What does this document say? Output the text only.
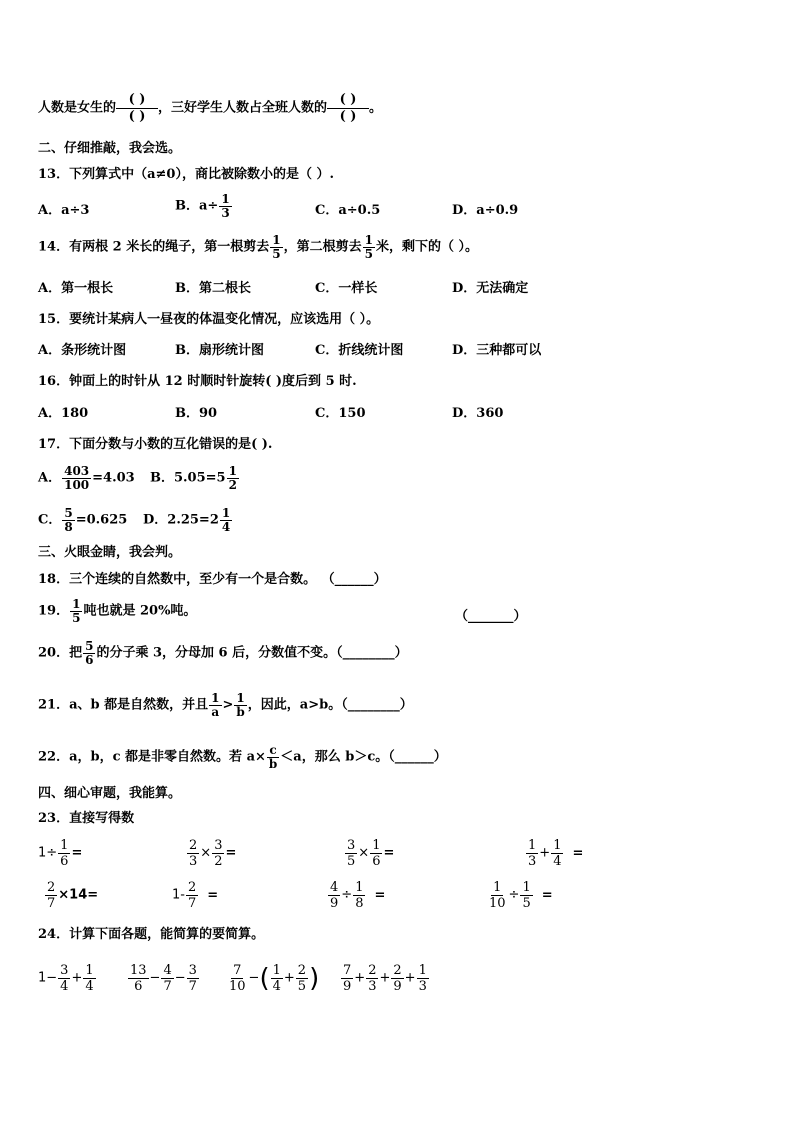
人数是女生的 $\frac{( )}{( )}$ ，三好学生人数占全班人数的 $\frac{( )}{( )}$ 。
二、仔细推敲，我会选。
13．下列算式中（a≠0），商比被除数小的是（ ）.
A．a÷3	B．$a\div \frac{1}{3}$	C．a÷0.5	D．a÷0.9
14．有两根 2 米长的绳子，第一根剪去 $\frac{1}{5}$ ，第二根剪去 $\frac{1}{5}$ 米，剩下的（ ）。
A．第一根长	B．第二根长	C．一样长	D．无法确定
15．要统计某病人一昼夜的体温变化情况，应该选用（ ）。
A．条形统计图	B．扇形统计图	C．折线统计图	D．三种都可以
16．钟面上的时针从 12 时顺时针旋转( )度后到 5 时.
A．180	B．90	C．150	D．360
17．下面分数与小数的互化错误的是( ).
A． $\frac{403}{100} =4.03$ B．$5.05=5 \frac{1}{2}$
C． $\frac{5}{8} =0.625$ D．$2.25=2 \frac{1}{4}$
三、火眼金睛，我会判。
18．三个连续的自然数中，至少有一个是合数。 （______）
19． $\frac{1}{5}$ 吨也就是 20%吨。	（_______）
20．把 $\frac{5}{6}$ 的分子乘 3，分母加 6 后，分数值不变。（________）
21．a、b 都是自然数，并且 $\frac{1}{a} > \frac{1}{b}$ ，因此，a>b。（________）
22．a，b，c 都是非零自然数。若 $a\times \frac{c}{b} <a$，那么 b＞c。（______）
四、细心审题，我能算。
23．直接写得数
$1\div \frac{1}{6}$ =	$\frac{2}{3} \times \frac{3}{2}$ =	$\frac{3}{5} \times \frac{1}{6}$ =	$\frac{1}{3} + \frac{1}{4}$ =
$\frac{2}{7} \times 14=$	$1- \frac{2}{7}$ =	$\frac{4}{9} \div \frac{1}{8}$ =	$\frac{1}{10} \div \frac{1}{5}$ =
24．计算下面各题，能简算的要简算。
$1- \frac{3}{4} + \frac{1}{4} \frac{13}{6} - \frac{4}{7} - \frac{3}{7} \frac{7}{10}$ −( $\frac{1}{4} + \frac{2}{5}$ ) $\frac{7}{9} + \frac{2}{3} + \frac{2}{9} + \frac{1}{3}$
